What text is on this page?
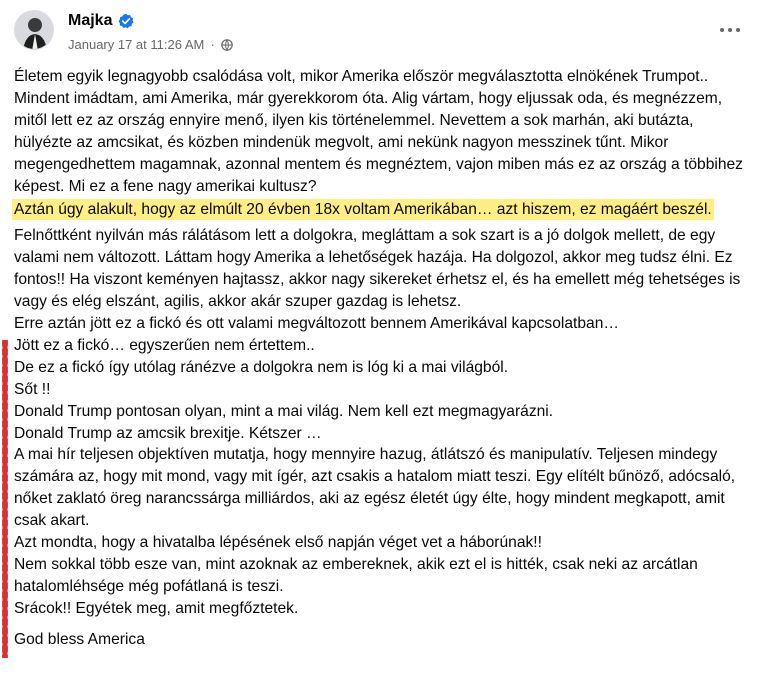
Majka
January 17 at 11:26 AM ·

Életem egyik legnagyobb csalódása volt, mikor Amerika először megválasztotta elnökének Trumpot.. Mindent imádtam, ami Amerika, már gyerekkorom óta. Alig vártam, hogy eljussak oda, és megnézzem, mitől lett ez az ország ennyire menő, ilyen kis történelemmel. Nevettem a sok marhán, aki butázta, hülyézte az amcsikat, és közben mindenük megvolt, ami nekünk nagyon messzinek tűnt. Mikor megengedhettem magamnak, azonnal mentem és megnéztem, vajon miben más ez az ország a többihez képest. Mi ez a fene nagy amerikai kultusz?

Aztán úgy alakult, hogy az elmúlt 20 évben 18x voltam Amerikában… azt hiszem, ez magáért beszél.

Felnőttként nyilván más rálátásom lett a dolgokra, megláttam a sok szart is a jó dolgok mellett, de egy valami nem változott. Láttam hogy Amerika a lehetőségek hazája. Ha dolgozol, akkor meg tudsz élni. Ez fontos!! Ha viszont keményen hajtassz, akkor nagy sikereket érhetsz el, és ha emellett még tehetséges is vagy és elég elszánt, agilis, akkor akár szuper gazdag is lehetsz.

Erre aztán jött ez a fickó és ott valami megváltozott bennem Amerikával kapcsolatban…

Jött ez a fickó… egyszerűen nem értettem..

De ez a fickó így utólag ránézve a dolgokra nem is lóg ki a mai világból.

Sőt !!

Donald Trump pontosan olyan, mint a mai világ. Nem kell ezt megmagyarázni.

Donald Trump az amcsik brexitje. Kétszer …

A mai hír teljesen objektíven mutatja, hogy mennyire hazug, átlátszó és manipulatív. Teljesen mindegy számára az, hogy mit mond, vagy mit ígér, azt csakis a hatalom miatt teszi. Egy elítélt bűnöző, adócsaló, nőket zaklató öreg narancssárga milliárdos, aki az egész életét úgy élte, hogy mindent megkapott, amit csak akart.

Azt mondta, hogy a hivatalba lépésének első napján véget vet a háborúnak!!

Nem sokkal több esze van, mint azoknak az embereknek, akik ezt el is hitték, csak neki az arcátlan hatalomléhsége még pofátlaná is teszi.

Srácok!! Egyétek meg, amit megfőztetek.

God bless America
